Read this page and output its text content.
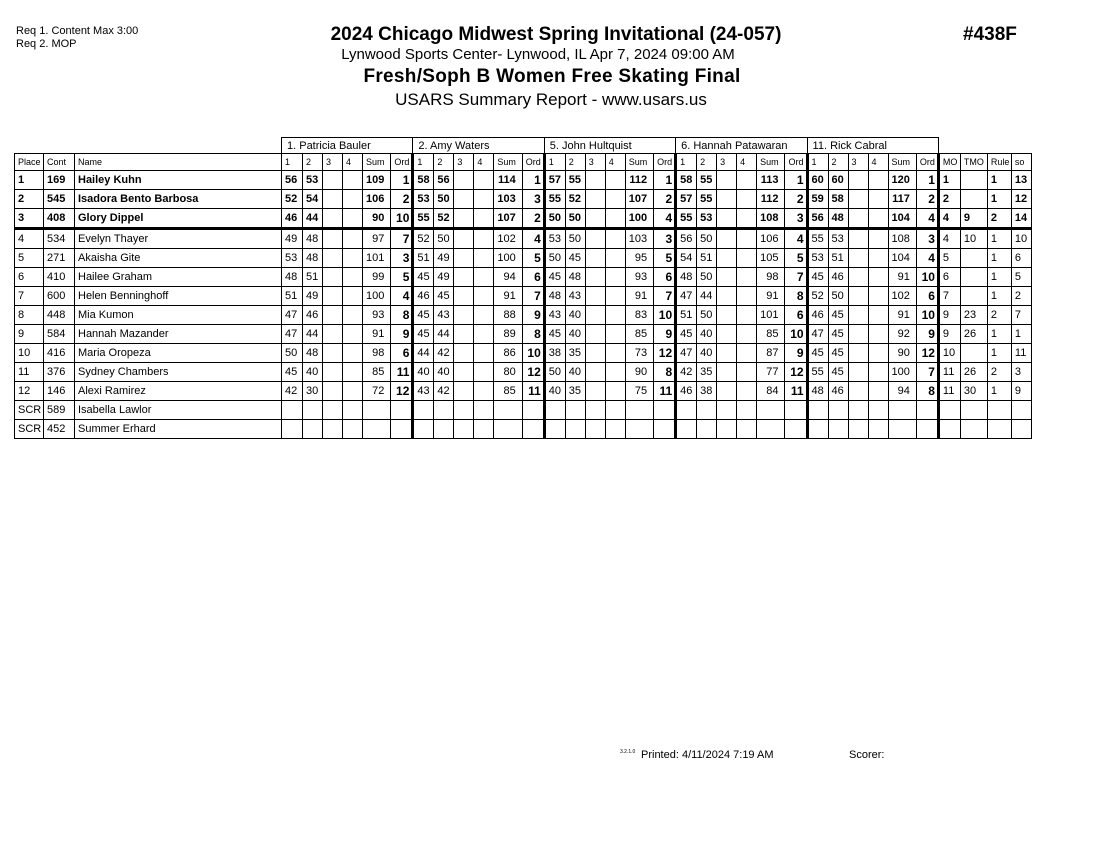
Req 1. Content Max 3:00
Req 2. MOP	#438F
2024 Chicago Midwest Spring Invitational (24-057)
Lynwood Sports Center- Lynwood, IL Apr 7, 2024 09:00 AM
Fresh/Soph B Women Free Skating Final
USARS Summary Report - www.usars.us
			1. Patricia Bauler						2. Amy Waters						5. John Hultquist						6. Hannah Patawaran						11. Rick Cabral									
Place	Cont	Name	1	2	3	4	Sum	Ord	1	2	3	4	Sum	Ord	1	2	3	4	Sum	Ord	1	2	3	4	Sum	Ord	1	2	3	4	Sum	Ord	MO	TMO	Rule	so
1	169	Hailey Kuhn	56	53			109	1	58	56			114	1	57	55			112	1	58	55			113	1	60	60			120	1	1		1	13
2	545	Isadora Bento Barbosa	52	54			106	2	53	50			103	3	55	52			107	2	57	55			112	2	59	58			117	2	2		1	12
3	408	Glory Dippel	46	44			90	10	55	52			107	2	50	50			100	4	55	53			108	3	56	48			104	4	4	9	2	14
4	534	Evelyn Thayer	49	48			97	7	52	50			102	4	53	50			103	3	56	50			106	4	55	53			108	3	4	10	1	10
5	271	Akaisha Gite	53	48			101	3	51	49			100	5	50	45			95	5	54	51			105	5	53	51			104	4	5		1	6
6	410	Hailee Graham	48	51			99	5	45	49			94	6	45	48			93	6	48	50			98	7	45	46			91	10	6		1	5
7	600	Helen Benninghoff	51	49			100	4	46	45			91	7	48	43			91	7	47	44			91	8	52	50			102	6	7		1	2
8	448	Mia Kumon	47	46			93	8	45	43			88	9	43	40			83	10	51	50			101	6	46	45			91	10	9	23	2	7
9	584	Hannah Mazander	47	44			91	9	45	44			89	8	45	40			85	9	45	40			85	10	47	45			92	9	9	26	1	1
10	416	Maria Oropeza	50	48			98	6	44	42			86	10	38	35			73	12	47	40			87	9	45	45			90	12	10		1	11
11	376	Sydney Chambers	45	40			85	11	40	40			80	12	50	40			90	8	42	35			77	12	55	45			100	7	11	26	2	3
12	146	Alexi Ramirez	42	30			72	12	43	42			85	11	40	35			75	11	46	38			84	11	48	46			94	8	11	30	1	9
SCR	589	Isabella Lawlor																																		
SCR	452	Summer Erhard																																		
3.2.1.0 Printed: 4/11/2024 7:19 AM	Scorer:
